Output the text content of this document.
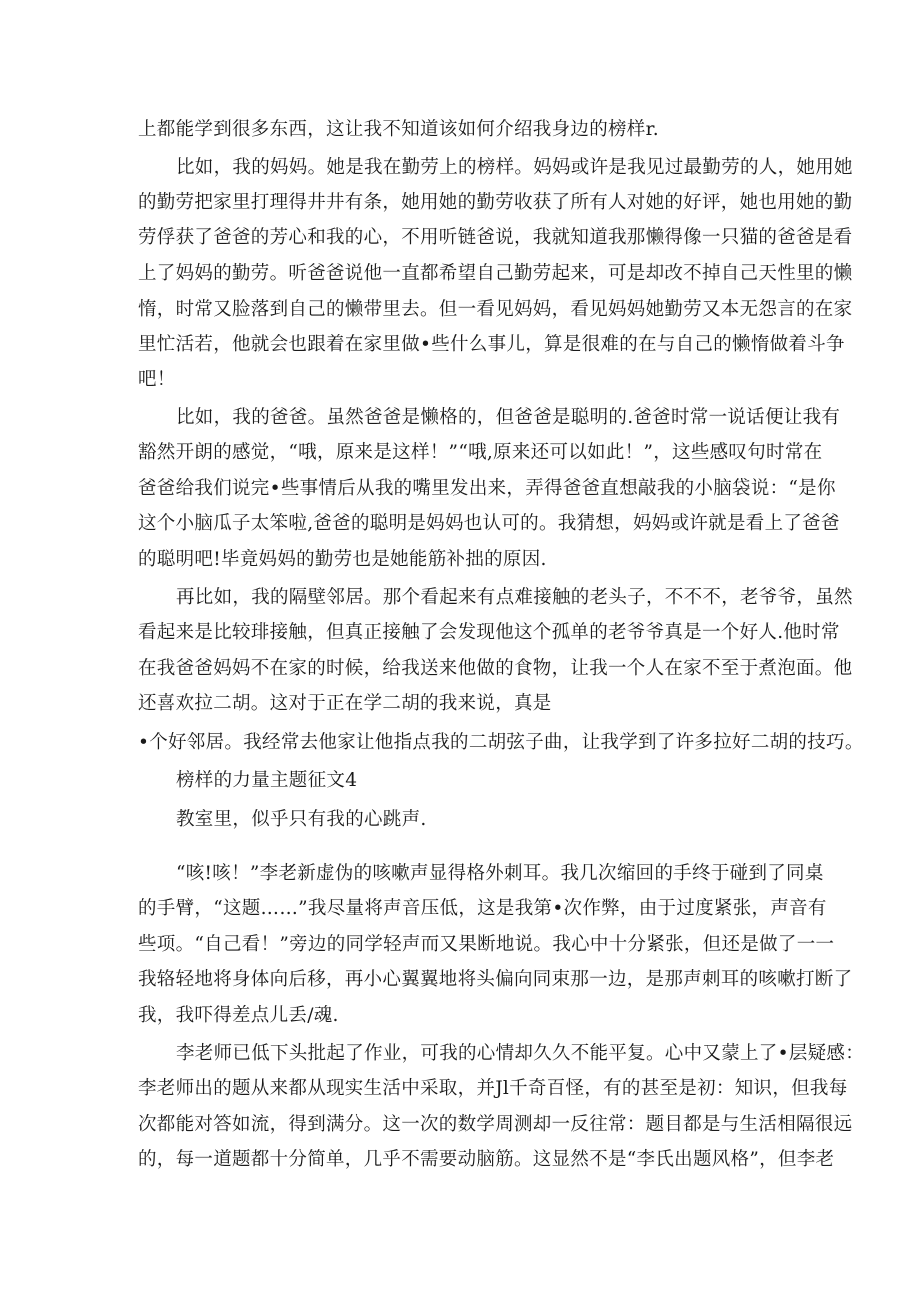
上都能学到很多东西，这让我不知道该如何介绍我身边的榜样r.
比如，我的妈妈。她是我在勤劳上的榜样。妈妈或许是我见过最勤劳的人，她用她
的勤劳把家里打理得井井有条，她用她的勤劳收获了所有人对她的好评，她也用她的勤
劳俘获了爸爸的芳心和我的心，不用听链爸说，我就知道我那懒得像一只猫的爸爸是看
上了妈妈的勤劳。听爸爸说他一直都希望自己勤劳起来，可是却改不掉自己天性里的懒
惰，时常又脸落到自己的懒带里去。但一看见妈妈，看见妈妈她勤劳又本无怨言的在家
里忙活若，他就会也跟着在家里做•些什么事儿，算是很难的在与自己的懒惰做着斗争
吧！
比如，我的爸爸。虽然爸爸是懒格的，但爸爸是聪明的.爸爸时常一说话便让我有
豁然开朗的感觉，“哦，原来是这样！”“哦,原来还可以如此！”，这些感叹句时常在
爸爸给我们说完•些事情后从我的嘴里发出来，弄得爸爸直想敲我的小脑袋说：“是你
这个小脑瓜子太笨啦,爸爸的聪明是妈妈也认可的。我猜想，妈妈或许就是看上了爸爸
的聪明吧!毕竟妈妈的勤劳也是她能筋补拙的原因.
再比如，我的隔壁邻居。那个看起来有点难接触的老头子，不不不，老爷爷，虽然
看起来是比较琲接触，但真正接触了会发现他这个孤单的老爷爷真是一个好人.他时常
在我爸爸妈妈不在家的时候，给我送来他做的食物，让我一个人在家不至于煮泡面。他
还喜欢拉二胡。这对于正在学二胡的我来说，真是
•个好邻居。我经常去他家让他指点我的二胡弦子曲，让我学到了许多拉好二胡的技巧。
榜样的力量主题征文4
教室里，似乎只有我的心跳声.
“咳!咳！”李老新虚伪的咳嗽声显得格外刺耳。我几次缩回的手终于碰到了同桌
的手臂，“这题……”我尽量将声音压低，这是我第•次作弊，由于过度紧张，声音有
些项。“自己看！”旁边的同学轻声而又果断地说。我心中十分紧张，但还是做了一一
我辂轻地将身体向后移，再小心翼翼地将头偏向同束那一边，是那声刺耳的咳嗽打断了
我，我吓得差点儿丢/魂.
李老师已低下头批起了作业，可我的心情却久久不能平复。心中又蒙上了•层疑感：
李老师出的题从来都从现实生活中采取，并Jl千奇百怪，有的甚至是初：知识，但我每
次都能对答如流，得到满分。这一次的数学周测却一反往常：题目都是与生活相隔很远
的，每一道题都十分简单，几乎不需要动脑筋。这显然不是“李氏出题风格”，但李老
